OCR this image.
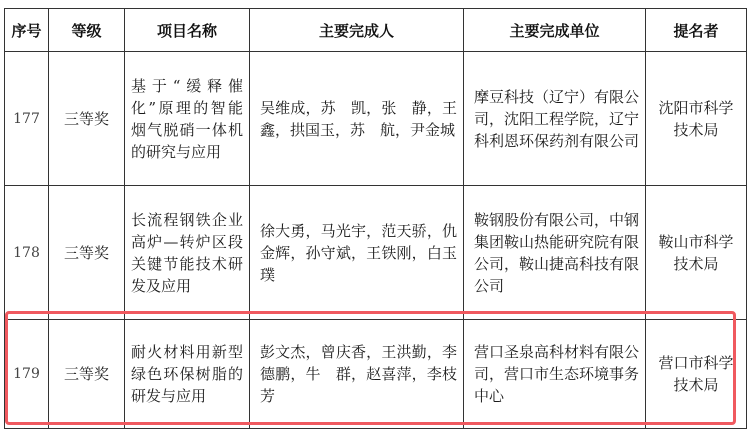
序号	等级	项目名称	主要完成人	主要完成单位	提名者
177	三等奖	基于“缓释催化”原理的智能烟气脱硝一体机的研究与应用	吴维成，苏　凯，张　静，王　鑫，拱国玉，苏　航，尹金城	摩豆科技（辽宁）有限公司，沈阳工程学院，辽宁科利恩环保药剂有限公司	沈阳市科学技术局
178	三等奖	长流程钢铁企业高炉—转炉区段关键节能技术研发及应用	徐大勇，马光宇，范天骄，仇金辉，孙守斌，王铁刚，白玉璞	鞍钢股份有限公司，中钢集团鞍山热能研究院有限公司，鞍山捷高科技有限公司	鞍山市科学技术局
179	三等奖	耐火材料用新型绿色环保树脂的研发与应用	彭文杰，曾庆香，王洪勤，李德鹏，牛　群，赵喜萍，李枝芳	营口圣泉高科材料有限公司，营口市生态环境事务中心	营口市科学技术局
